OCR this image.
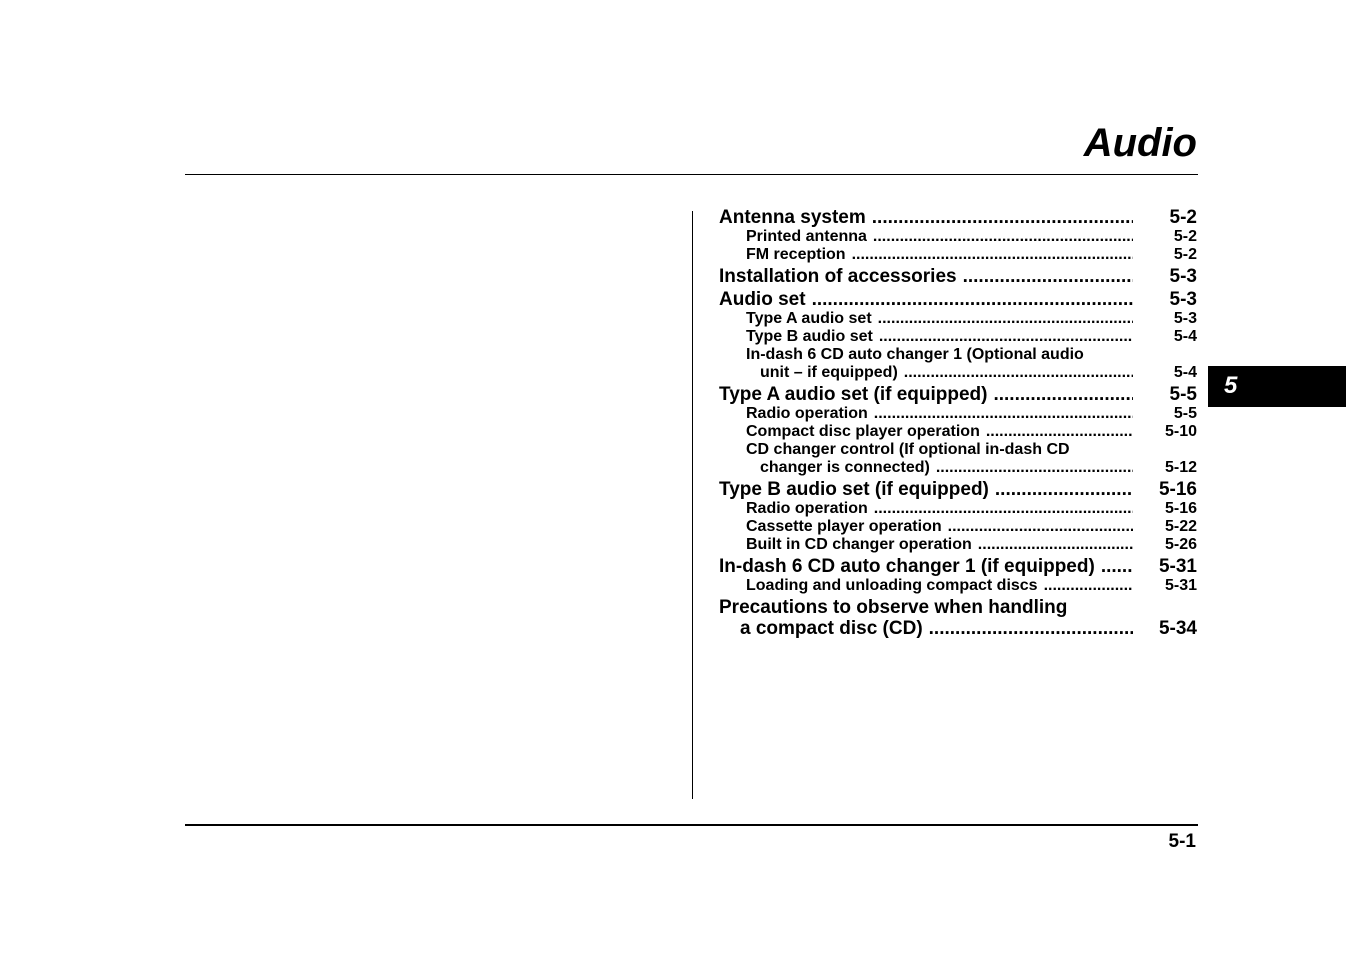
Audio
Antenna system .....	5-2
Printed antenna .....	5-2
FM reception .....	5-2
Installation of accessories .....	5-3
Audio set .....	5-3
Type A audio set .....	5-3
Type B audio set .....	5-4
In-dash 6 CD auto changer 1 (Optional audio
unit – if equipped) .....	5-4
Type A audio set (if equipped) .....	5-5
Radio operation .....	5-5
Compact disc player operation .....	5-10
CD changer control (If optional in-dash CD
changer is connected) .....	5-12
Type B audio set (if equipped) .....	5-16
Radio operation .....	5-16
Cassette player operation .....	5-22
Built in CD changer operation .....	5-26
In-dash 6 CD auto changer 1 (if equipped) .....	5-31
Loading and unloading compact discs .....	5-31
Precautions to observe when handling
a compact disc (CD) .....	5-34
5
5-1
